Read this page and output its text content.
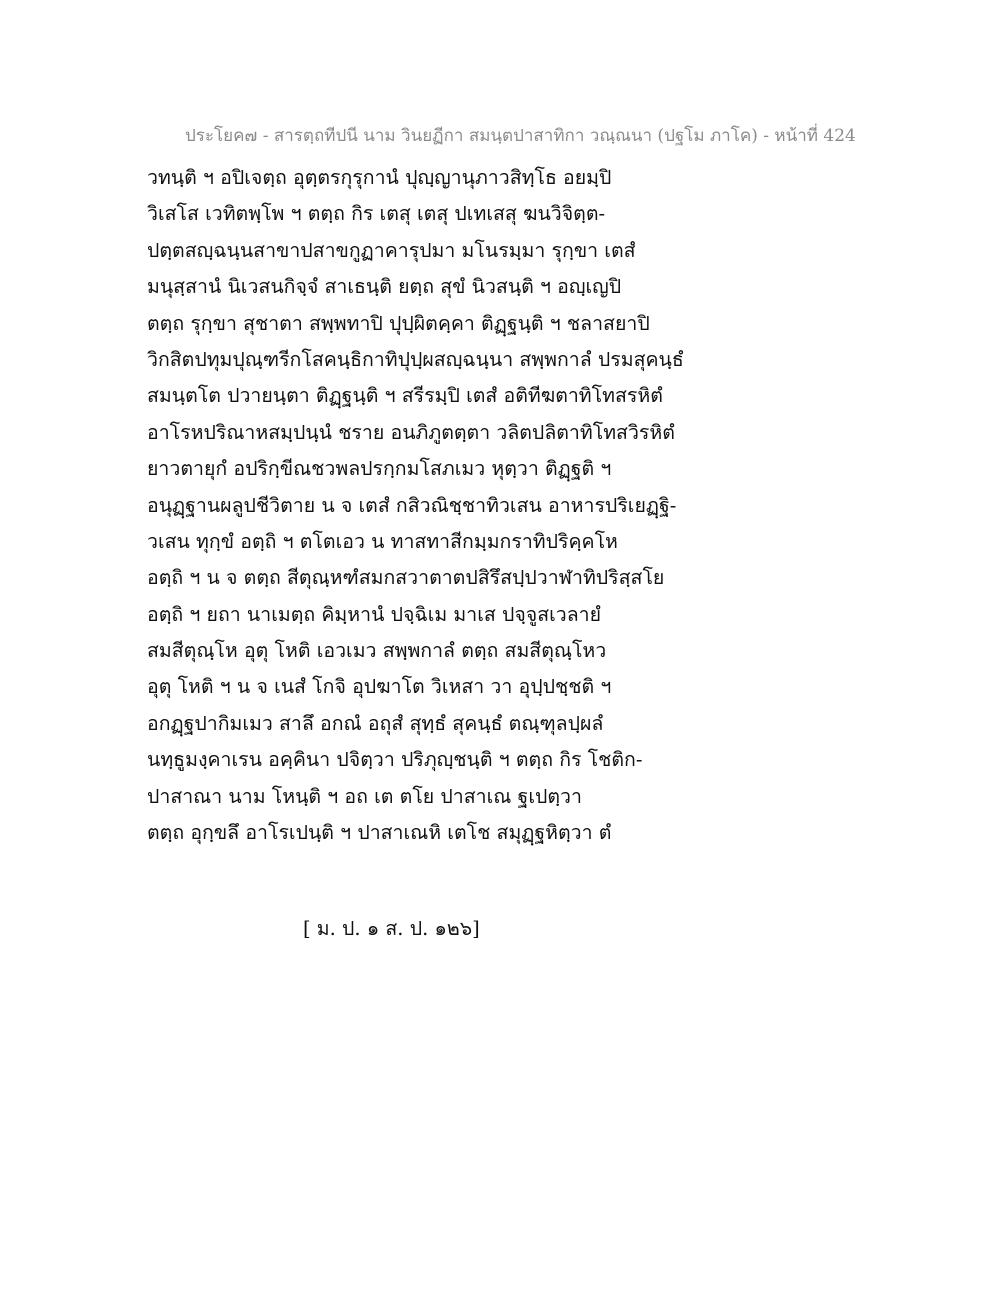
ประโยค๗ - สารตฺถทีปนี นาม วินยฏีกา สมนฺตปาสาทิกา วณฺณนา (ปฐโม ภาโค) - หน้าที่ 424
วทนฺติ ฯ อปิเจตฺถ อุตฺตรกุรุกานํ ปุญฺญานุภาวสิทฺโธ อยมฺปิ
วิเสโส เวทิตพฺโพ ฯ ตตฺถ กิร เตสุ เตสุ ปเทเสสุ ฆนวิจิตฺต-
ปตฺตสญฺฉนฺนสาขาปสาขกูฏาคารุปมา มโนรมฺมา รุกฺขา เตสํ
มนุสฺสานํ นิเวสนกิจฺจํ สาเธนฺติ ยตฺถ สุขํ นิวสนฺติ ฯ อญฺเญปิ
ตตฺถ รุกฺขา สุชาตา สพฺพทาปิ ปุปฺผิตคฺคา ติฏฺฐนฺติ ฯ ชลาสยาปิ
วิกสิตปทุมปุณฺฑรีกโสคนฺธิกาทิปุปฺผสญฺฉนฺนา สพฺพกาลํ ปรมสุคนฺธํ
สมนฺตโต ปวายนฺตา ติฏฺฐนฺติ ฯ สรีรมฺปิ เตสํ อติทีฆตาทิโทสรหิตํ
อาโรหปริณาหสมฺปนฺนํ ชราย อนภิภูตตฺตา วลิตปลิตาทิโทสวิรหิตํ
ยาวตายุกํ อปริกฺขีณชวพลปรกฺกมโสภเมว หุตฺวา ติฏฺฐติ ฯ
อนุฏฺฐานผลูปชีวิตาย น จ เตสํ กสิวณิชฺชาทิวเสน อาหารปริเยฏฺฐิ-
วเสน ทุกฺขํ อตฺถิ ฯ ตโตเอว น ทาสทาสีกมฺมกราทิปริคฺคโห
อตฺถิ ฯ น จ ตตฺถ สีตุณฺหฑํสมกสวาตาตปสิรึสปฺปวาฬาทิปริสฺสโย
อตฺถิ ฯ ยถา นาเมตฺถ คิมฺหานํ ปจฺฉิเม มาเส ปจฺจูสเวลายํ
สมสีตุณฺโห อุตุ โหติ เอวเมว สพฺพกาลํ ตตฺถ สมสีตุณฺโหว
อุตุ โหติ ฯ น จ เนสํ โกจิ อุปฆาโต วิเหสา วา อุปฺปชฺชติ ฯ
อกฏฺฐปากิมเมว สาลึ อกณํ อถุสํ สุทฺธํ สุคนฺธํ ตณฺฑุลปฺผลํ
นทฺธูมงฺคาเรน อคฺคินา ปจิตฺวา ปริภุญฺชนฺติ ฯ ตตฺถ กิร โชติก-
ปาสาณา นาม โหนฺติ ฯ อถ เต ตโย ปาสาเณ ฐเปตฺวา
ตตฺถ อุกฺขลึ อาโรเปนฺติ ฯ ปาสาเณหิ เตโช สมุฏฺฐหิตฺวา ตํ
[ ม. ป. ๑ ส. ป. ๑๒๖]
